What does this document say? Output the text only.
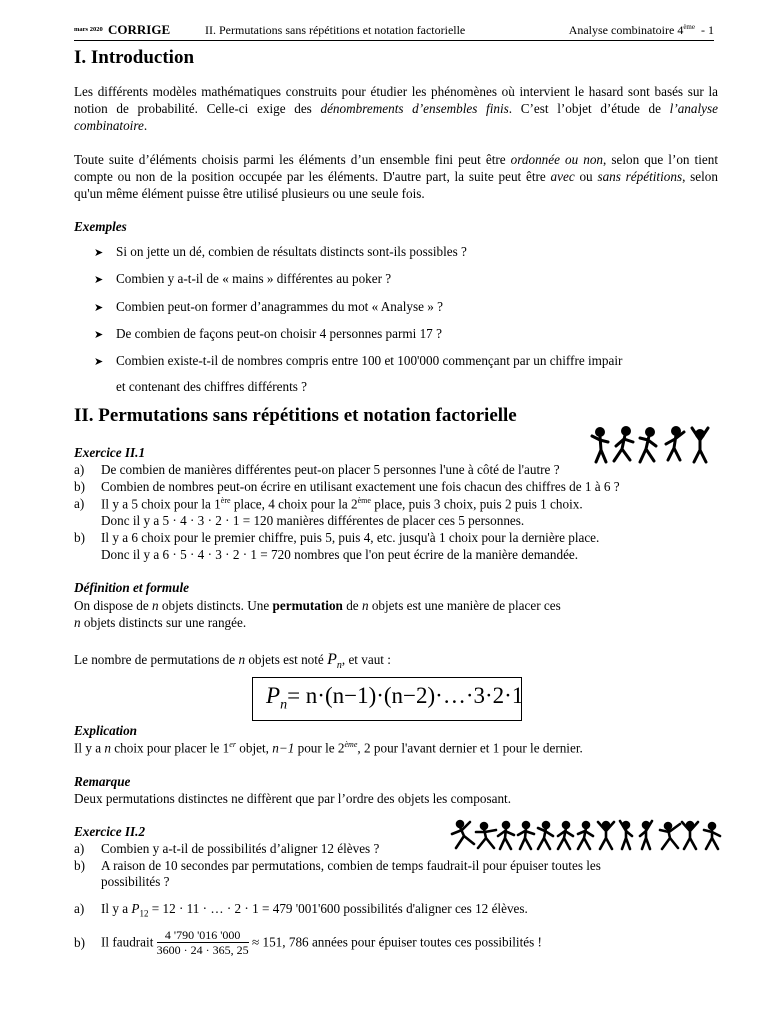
mars 2020 CORRIGE	II. Permutations sans répétitions et notation factorielle	Analyse combinatoire 4ème - 1
I. Introduction

Les différents modèles mathématiques construits pour étudier les phénomènes où intervient le hasard sont basés sur la notion de probabilité. Celle-ci exige des dénombrements d’ensembles finis. C’est l’objet d’étude de l’analyse combinatoire.

Toute suite d’éléments choisis parmi les éléments d’un ensemble fini peut être ordonnée ou non, selon que l’on tient compte ou non de la position occupée par les éléments. D'autre part, la suite peut être avec ou sans répétitions, selon qu'un même élément puisse être utilisé plusieurs ou une seule fois.

Exemples

➤ Si on jette un dé, combien de résultats distincts sont-ils possibles ?

➤ Combien y a-t-il de « mains » différentes au poker ?

➤ Combien peut-on former d’anagrammes du mot « Analyse » ?

➤ De combien de façons peut-on choisir 4 personnes parmi 17 ?

➤ Combien existe-t-il de nombres compris entre 100 et 100'000 commençant par un chiffre impair

et contenant des chiffres différents ?

II. Permutations sans répétitions et notation factorielle

Exercice II.1

a) De combien de manières différentes peut-on placer 5 personnes l'une à côté de l'autre ?

b) Combien de nombres peut-on écrire en utilisant exactement une fois chacun des chiffres de 1 à 6 ?

a) Il y a 5 choix pour la 1ère place, 4 choix pour la 2ème place, puis 3 choix, puis 2 puis 1 choix.

Donc il y a 5 · 4 · 3 · 2 · 1 = 120 manières différentes de placer ces 5 personnes.

b) Il y a 6 choix pour le premier chiffre, puis 5, puis 4, etc. jusqu'à 1 choix pour la dernière place.

Donc il y a 6 · 5 · 4 · 3 · 2 · 1 = 720 nombres que l'on peut écrire de la manière demandée.

Définition et formule

On dispose de n objets distincts. Une permutation de n objets est une manière de placer ces

n objets distincts sur une rangée.

Le nombre de permutations de n objets est noté $P_n$, et vaut :

$P_n=$ n·(n−1)·(n−2)·…·3·2·1

Explication

Il y a n choix pour placer le 1er objet, n−1 pour le 2ème, 2 pour l'avant dernier et 1 pour le dernier.

Remarque

Deux permutations distinctes ne diffèrent que par l’ordre des objets les composant.

Exercice II.2

a) Combien y a-t-il de possibilités d’aligner 12 élèves ?

b) A raison de 10 secondes par permutations, combien de temps faudrait-il pour épuiser toutes les

possibilités ?

a) Il y a $P_{12} = 12 \cdot 11$ · … · 2 · 1 = 479 '001'600 possibilités d'aligner ces 12 élèves.

b) Il faudrait $\frac{4 '790 '016 '000}{3600 \cdot 24 \cdot 365, 25} \approx 151$, 786 années pour épuiser toutes ces possibilités !
